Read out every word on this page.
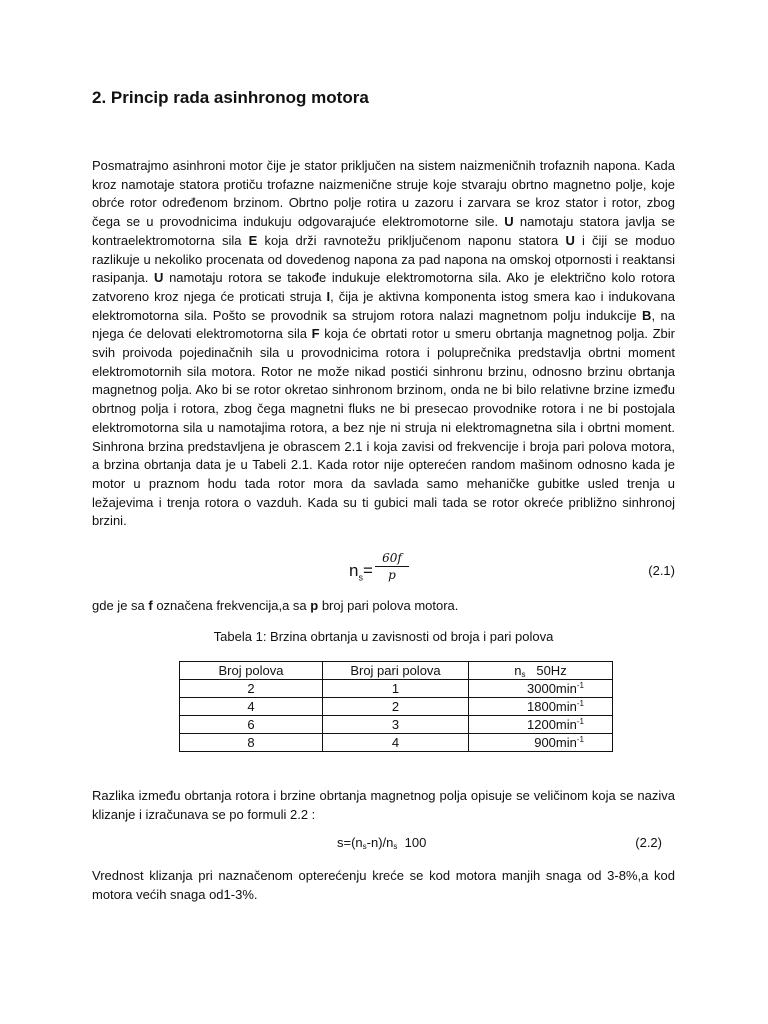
2. Princip rada asinhronog motora

Posmatrajmo asinhroni motor čije je stator priključen na sistem naizmeničnih trofaznih napona. Kada kroz namotaje statora protiču trofazne naizmenične struje koje stvaraju obrtno magnetno polje, koje obrće rotor određenom brzinom. Obrtno polje rotira u zazoru i zarvara se kroz stator i rotor, zbog čega se u provodnicima indukuju odgovarajuće elektromotorne sile. U namotaju statora javlja se kontraelektromotorna sila E koja drži ravnotežu priključenom naponu statora U i čiji se moduo razlikuje u nekoliko procenata od dovedenog napona za pad napona na omskoj otpornosti i reaktansi rasipanja. U namotaju rotora se takođe indukuje elektromotorna sila. Ako je električno kolo rotora zatvoreno kroz njega će proticati struja I, čija je aktivna komponenta istog smera kao i indukovana elektromotorna sila. Pošto se provodnik sa strujom rotora nalazi magnetnom polju indukcije B, na njega će delovati elektromotorna sila F koja će obrtati rotor u smeru obrtanja magnetnog polja. Zbir svih proivoda pojedinačnih sila u provodnicima rotora i poluprečnika predstavlja obrtni moment elektromotornih sila motora. Rotor ne može nikad postići sinhronu brzinu, odnosno brzinu obrtanja magnetnog polja. Ako bi se rotor okretao sinhronom brzinom, onda ne bi bilo relativne brzine između obrtnog polja i rotora, zbog čega magnetni fluks ne bi presecao provodnike rotora i ne bi postojala elektromotorna sila u namotajima rotora, a bez nje ni struja ni elektromagnetna sila i obrtni moment. Sinhrona brzina predstavljena je obrascem 2.1 i koja zavisi od frekvencije i broja pari polova motora, a brzina obrtanja data je u Tabeli 2.1. Kada rotor nije opterećen random mašinom odnosno kada je motor u praznom hodu tada rotor mora da savlada samo mehaničke gubitke usled trenja u ležajevima i trenja rotora o vazduh. Kada su ti gubici mali tada se rotor okreće približno sinhronoj brzini.

$n_s= \frac{60f}{p}$	(2.1)

gde je sa f označena frekvencija,a sa p broj pari polova motora.

Tabela 1: Brzina obrtanja u zavisnosti od broja i pari polova

Broj polova	Broj pari polova	ns   50Hz
2	1	$3000\min^{-1}$
4	2	$1800\min^{-1}$
6	3	$1200\min^{-1}$
8	4	$900\min^{-1}$

Razlika između obrtanja rotora i brzine obrtanja magnetnog polja opisuje se veličinom koja se naziva klizanje i izračunava se po formuli 2.2 :

s=(ns-n)/ns  100	(2.2)

Vrednost klizanja pri naznačenom opterećenju kreće se kod motora manjih snaga od 3-8%,a kod motora većih snaga od1-3%.
